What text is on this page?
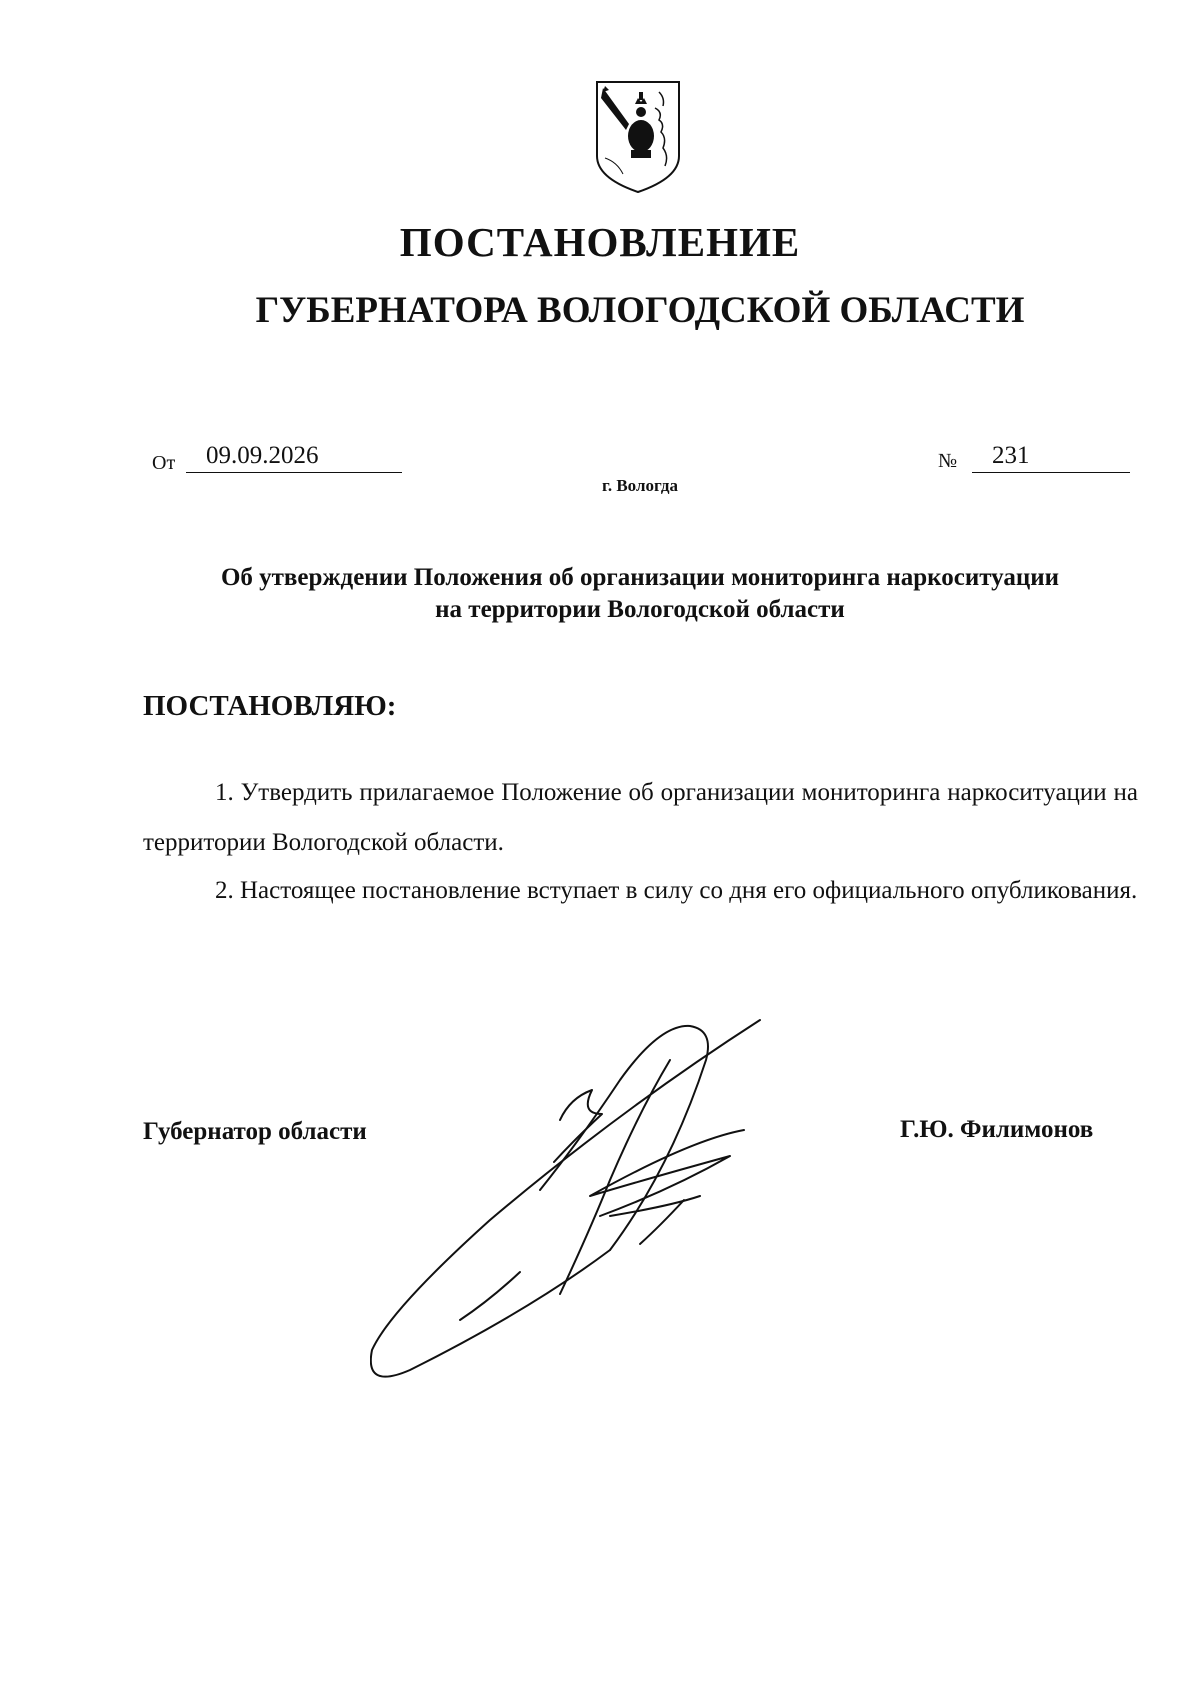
ПОСТАНОВЛЕНИЕ
ГУБЕРНАТОРА ВОЛОГОДСКОЙ ОБЛАСТИ
От	09.09.2026	№	231
г. Вологда
Об утверждении Положения об организации мониторинга наркоситуации
на территории Вологодской области
ПОСТАНОВЛЯЮ:

1. Утвердить прилагаемое Положение об организации мониторинга наркоситуации на территории Вологодской области.

2. Настоящее постановление вступает в силу со дня его официального опубликования.

Губернатор области	Г.Ю. Филимонов
